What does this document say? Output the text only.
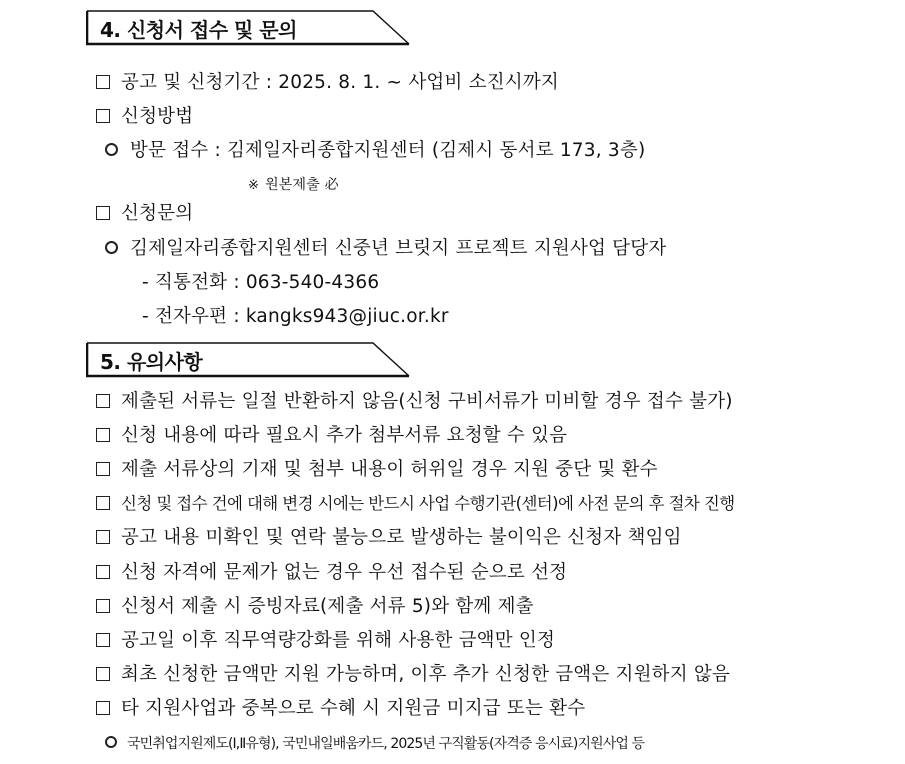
4. 신청서 접수 및 문의
공고 및 신청기간 : 2025. 8. 1. ~ 사업비 소진시까지
신청방법
방문 접수 : 김제일자리종합지원센터 (김제시 동서로 173, 3층)
※ 원본제출 必
신청문의
김제일자리종합지원센터 신중년 브릿지 프로젝트 지원사업 담당자
- 직통전화 : 063-540-4366
- 전자우편 : kangks943@jiuc.or.kr
5. 유의사항
제출된 서류는 일절 반환하지 않음(신청 구비서류가 미비할 경우 접수 불가)
신청 내용에 따라 필요시 추가 첨부서류 요청할 수 있음
제출 서류상의 기재 및 첨부 내용이 허위일 경우 지원 중단 및 환수
신청 및 접수 건에 대해 변경 시에는 반드시 사업 수행기관(센터)에 사전 문의 후 절차 진행
공고 내용 미확인 및 연락 불능으로 발생하는 불이익은 신청자 책임임
신청 자격에 문제가 없는 경우 우선 접수된 순으로 선정
신청서 제출 시 증빙자료(제출 서류 5)와 함께 제출
공고일 이후 직무역량강화를 위해 사용한 금액만 인정
최초 신청한 금액만 지원 가능하며, 이후 추가 신청한 금액은 지원하지 않음
타 지원사업과 중복으로 수혜 시 지원금 미지급 또는 환수
국민취업지원제도(Ⅰ,Ⅱ유형), 국민내일배움카드, 2025년 구직활동(자격증 응시료)지원사업 등
